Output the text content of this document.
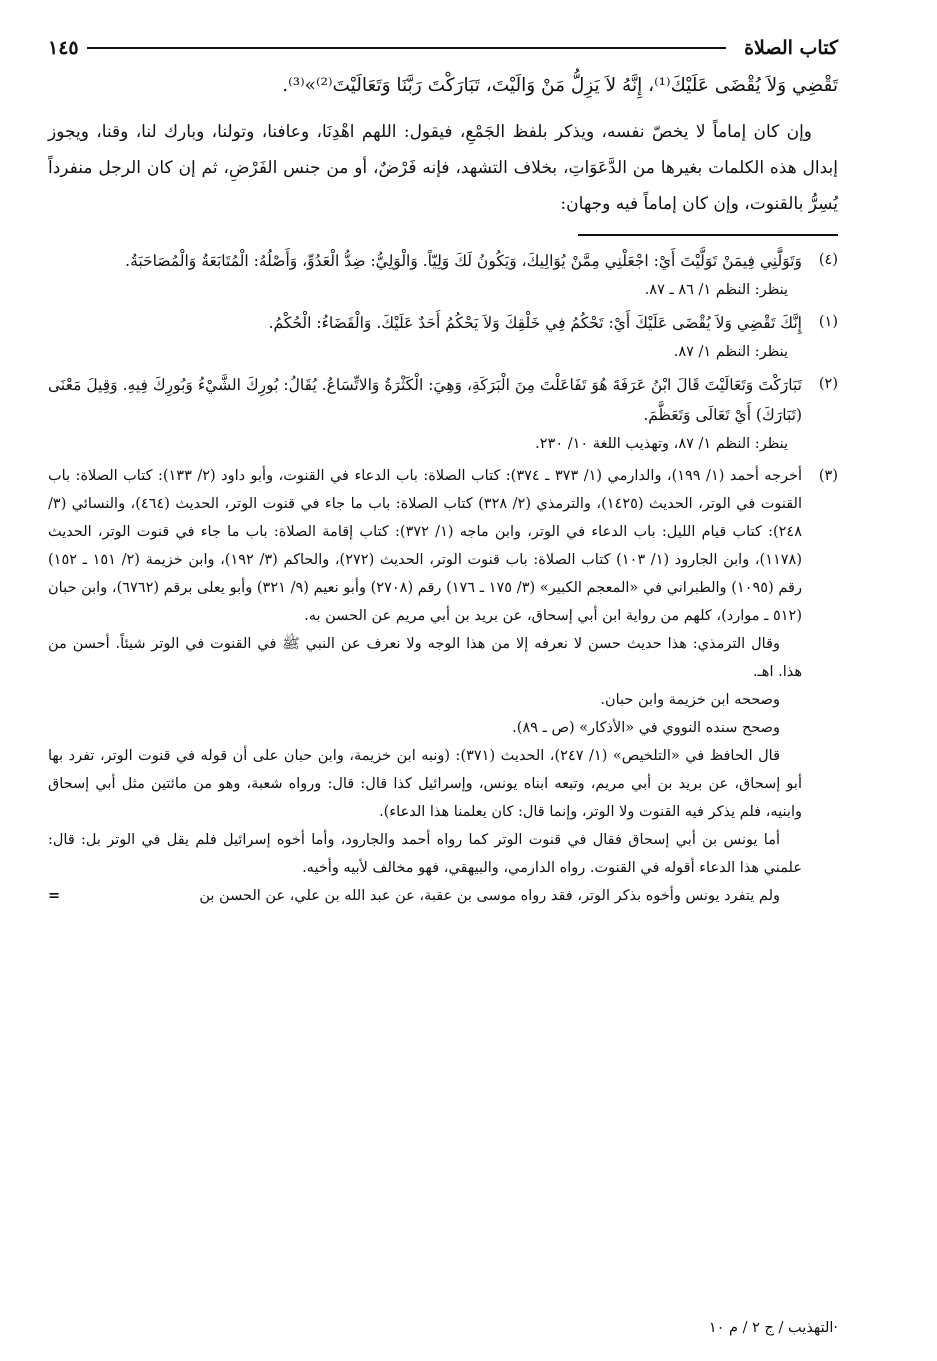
كتاب الصلاة
١٤٥

تَقْضِي وَلاَ يُقْضَى عَلَيْكَ⁽¹⁾، إِنَّهُ لاَ يَزِلُّ مَنْ وَالَيْتَ، تَبَارَكْتَ رَبَّنَا وَتَعَالَيْتَ⁽²⁾»⁽³⁾.

وإن كان إماماً لا يخصّ نفسه، ويذكر بلفظ الجَمْعِ، فيقول: اللهم اهْدِنَا، وعافنا، وتولنا، وبارك لنا، وقنا، ويجوز إبدال هذه الكلمات بغيرها من الدَّعَوَاتِ، بخلاف التشهد، فإنه فَرْضٌ، أو من جنس الفَرْضِ، ثم إن كان الرجل منفرداً يُسِرُّ بالقنوت، وإن كان إماماً فيه وجهان:

(٤)

وَتَوَلَّنِي فِيمَنْ تَوَلَّيْتَ أَيْ: اجْعَلْنِي مِمَّنْ يُوَالِيكَ، وَيَكُونُ لَكَ وَلِيّاً. وَالْوَلِيُّ: ضِدُّ الْعَدُوِّ، وَأَصْلُهُ: الْمُتَابَعَةُ وَالْمُصَاحَبَةُ.

ينظر: النظم ١/ ٨٦ ـ ٨٧.

(١)

إِنَّكَ تَقْضِي وَلاَ يُقْضَى عَلَيْكَ أَيْ: تَحْكُمُ فِي خَلْقِكَ وَلاَ يَحْكُمُ أَحَدٌ عَلَيْكَ. وَالْقَضَاءُ: الْحُكْمُ.

ينظر: النظم ١/ ٨٧.

(٢)

تَبَارَكْتَ وَتَعَالَيْتَ قَالَ ابْنُ عَرَفَةَ هُوَ تَفَاعَلْتَ مِنَ الْبَرَكَةِ، وَهِيَ: الْكَثْرَةُ وَالاتِّسَاعُ. يُقَالُ: بُورِكَ الشَّيْءُ وَبُورِكَ فِيهِ. وَقِيلَ مَعْنَى (تَبَارَكَ) أَيْ تَعَالَى وَتَعَظَّمَ.

ينظر: النظم ١/ ٨٧، وتهذيب اللغة ١٠/ ٢٣٠.

(٣)

أخرجه أحمد (١/ ١٩٩)، والدارمي (١/ ٣٧٣ ـ ٣٧٤): كتاب الصلاة: باب الدعاء في القنوت، وأبو داود (٢/ ١٣٣): كتاب الصلاة: باب القنوت في الوتر، الحديث (١٤٢٥)، والترمذي (٢/ ٣٢٨) كتاب الصلاة: باب ما جاء في قنوت الوتر، الحديث (٤٦٤)، والنسائي (٣/ ٢٤٨): كتاب قيام الليل: باب الدعاء في الوتر، وابن ماجه (١/ ٣٧٢): كتاب إقامة الصلاة: باب ما جاء في قنوت الوتر، الحديث (١١٧٨)، وابن الجارود (١/ ١٠٣) كتاب الصلاة: باب قنوت الوتر، الحديث (٢٧٢)، والحاكم (٣/ ١٩٢)، وابن خزيمة (٢/ ١٥١ ـ ١٥٢) رقم (١٠٩٥) والطبراني في «المعجم الكبير» (٣/ ١٧٥ ـ ١٧٦) رقم (٢٧٠٨) وأبو نعيم (٩/ ٣٢١) وأبو يعلى برقم (٦٧٦٢)، وابن حبان (٥١٢ ـ موارد)، كلهم من رواية ابن أبي إسحاق، عن بريد بن أبي مريم عن الحسن به.

وقال الترمذي: هذا حديث حسن لا نعرفه إلا من هذا الوجه ولا نعرف عن النبي ﷺ في القنوت في الوتر شيئاً. أحسن من هذا. اهـ.

وصححه ابن خزيمة وابن حبان.

وصحح سنده النووي في «الأذكار» (ص ـ ٨٩).

قال الحافظ في «التلخيص» (١/ ٢٤٧)، الحديث (٣٧١): (ونبه ابن خزيمة، وابن حبان على أن قوله في قنوت الوتر، تفرد بها أبو إسحاق، عن بريد بن أبي مريم، وتبعه ابناه يونس، وإسرائيل كذا قال: قال: ورواه شعبة، وهو من مائتين مثل أبي إسحاق وابنيه، فلم يذكر فيه القنوت ولا الوتر، وإنما قال: كان يعلمنا هذا الدعاء).

أما يونس بن أبي إسحاق فقال في قنوت الوتر كما رواه أحمد والجارود، وأما أخوه إسرائيل فلم يقل في الوتر بل: قال: علمني هذا الدعاء أقوله في القنوت. رواه الدارمي، والبيهقي، فهو مخالف لأبيه وأخيه.

ولم يتفرد يونس وأخوه بذكر الوتر، فقد رواه موسى بن عقبة، عن عبد الله بن علي، عن الحسن بن
=
·التهذيب / ج ٢ / م ١٠
